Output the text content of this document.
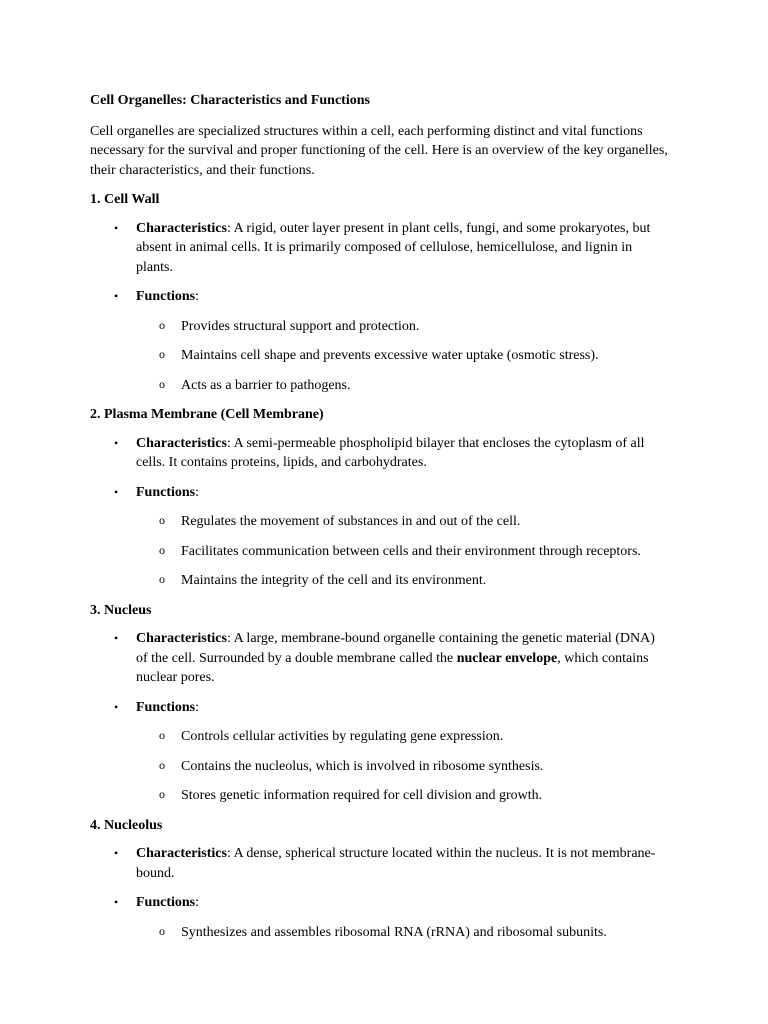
Cell Organelles: Characteristics and Functions

Cell organelles are specialized structures within a cell, each performing distinct and vital functions necessary for the survival and proper functioning of the cell. Here is an overview of the key organelles, their characteristics, and their functions.

1. Cell Wall
• Characteristics: A rigid, outer layer present in plant cells, fungi, and some prokaryotes, but absent in animal cells. It is primarily composed of cellulose, hemicellulose, and lignin in plants.
• Functions:
o Provides structural support and protection.
o Maintains cell shape and prevents excessive water uptake (osmotic stress).
o Acts as a barrier to pathogens.
2. Plasma Membrane (Cell Membrane)
• Characteristics: A semi-permeable phospholipid bilayer that encloses the cytoplasm of all cells. It contains proteins, lipids, and carbohydrates.
• Functions:
o Regulates the movement of substances in and out of the cell.
o Facilitates communication between cells and their environment through receptors.
o Maintains the integrity of the cell and its environment.
3. Nucleus
• Characteristics: A large, membrane-bound organelle containing the genetic material (DNA) of the cell. Surrounded by a double membrane called the nuclear envelope, which contains nuclear pores.
• Functions:
o Controls cellular activities by regulating gene expression.
o Contains the nucleolus, which is involved in ribosome synthesis.
o Stores genetic information required for cell division and growth.
4. Nucleolus
• Characteristics: A dense, spherical structure located within the nucleus. It is not membrane-bound.
• Functions:
o Synthesizes and assembles ribosomal RNA (rRNA) and ribosomal subunits.
